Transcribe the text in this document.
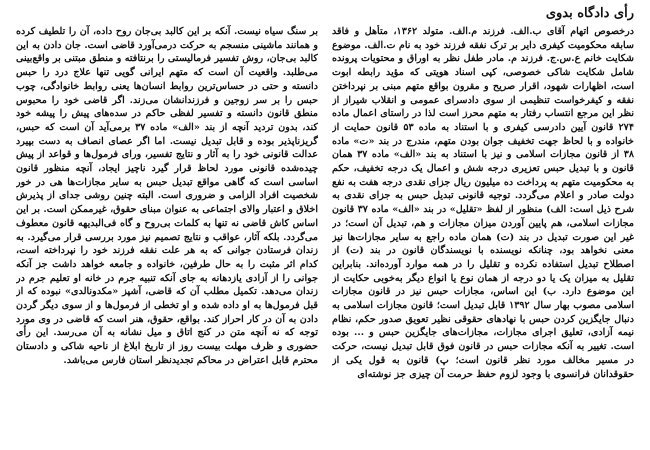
رأی دادگاه بدوی

درخصوص اتهام آقای ب.الف. فرزند م.الف. متولد ۱۳۶۲، متأهل و فاقد سابقه محکومیت کیفری دایر بر ترک نفقه فرزند خود به نام ت.الف. موضوع شکایت خانم ع.س.ج. فرزند م. مادر طفل نظر به اوراق و محتویات پرونده شامل شکایت شاکی خصوصی، کپی اسناد هویتی که مؤید رابطه ابوت است، اظهارات شهود، اقرار صریح و مقرون بواقع متهم مبنی بر نپرداختن نفقه و کیفرخواست تنظیمی از سوی دادسرای عمومی و انقلاب شیراز از نظر این مرجع انتساب رفتار به متهم محرز است لذا در راستای اعمال ماده ۲۷۴ قانون آیین دادرسی کیفری و با استناد به ماده ۵۳ قانون حمایت از خانواده و با لحاظ جهت تخفیف جوان بودن متهم، مندرج در بند «ت» ماده ۳۸ از قانون مجازات اسلامی و نیز با استناد به بند «الف» ماده ۳۷ همان قانون و با تبدیل حبس تعزیری درجه شش و اعمال یک درجه تخفیف، حکم به محکومیت متهم به پرداخت ده میلیون ریال جزای نقدی درجه هفت به نفع دولت صادر و اعلام می‌گردد. توجیه قانونی تبدیل حبس به جزای نقدی به شرح ذیل است: الف) منظور از لفظ «تقلیل» در بند «الف» ماده ۳۷ قانون مجازات اسلامی، هم پایین آوردن میزان مجازات و هم، تبدیل آن است؛ در غیر این صورت تبدیل در بند (ت) همان ماده راجع به سایر مجازات‌ها نیز معنی نخواهد بود، چنانکه نویسنده با نویسندگان قانون در بند (ت) از اصطلاح تبدیل استفاده نکرده و تقلیل را در همه موارد آورده‌اند. بنابراین تقلیل به میزان یک یا دو درجه از همان نوع یا انواع دیگر به‌خوبی حکایت از این موضوع دارد. ب) این اساس، مجازات حبس نیز در قانون مجازات اسلامی مصوب بهار سال ۱۳۹۲ قابل تبدیل است؛ قانون مجازات اسلامی به دنبال جایگزین کردن حبس با نهادهای حقوقی نظیر تعویق صدور حکم، نظام نیمه آزادی، تعلیق اجرای مجازات، مجازات‌های جایگزین حبس و ... بوده است. تغییر به آنکه مجازات حبس در قانون فوق قابل تبدیل نیست، حرکت در مسیر مخالف مورد نظر قانون است؛ پ) قانون به قول یکی از حقوقدانان فرانسوی با وجود لزوم حفظ حرمت آن چیزی جز نوشته‌ای

بر سنگ سیاه نیست. آنکه بر این کالبد بی‌جان روح داده، آن را تلطیف کرده و همانند ماشینی منسجم به حرکت درمی‌آورد قاضی است. جان دادن به این کالبد بی‌جان، روش تفسیر فرمالیستی را برنتافته و منطق مبتنی بر واقع‌بینی می‌طلبد. واقعیت آن است که متهم ایرانی گویی تنها علاج درد را حبس دانسته و حتی در حساس‌ترین روابط انسان‌ها یعنی روابط خانوادگی، چوب حبس را بر سر زوجین و فرزندانشان می‌زند. اگر قاضی خود را محبوس منطق قانون دانسته و تفسیر لفظی حاکم در سده‌های پیش را پیشه خود کند، بدون تردید آنچه از بند «الف» ماده ۳۷ برمی‌آید آن است که حبس، گریزناپذیر بوده و قابل تبدیل نیست. اما اگر عصای انصاف به دست بپیرد عدالت قانونی خود را به آثار و نتایج تفسیر، ورای فرمول‌ها و قواعد از پیش چیده‌شده قانونی مورد لحاظ قرار گیرد ناچیز ایجاد، آنچه منظور قانون اساسی است که گاهی مواقع تبدیل حبس به سایر مجازات‌ها هی در خور شخصیت افراد الزامی و ضروری است. البته چنین روشی جدای از پذیرش اخلاق و اعتبار والای اجتماعی به عنوان مبنای حقوق، غیرممکن است. بر این اساس کاش قاضی نه تنها به کلمات بی‌روح و گاه فی‌البدیهه قانون معطوف می‌گردد. بلکه آثار، عواقب و نتایج تصمیم نیز مورد بررسی قرار می‌گیرد. به زندان فرستادن جوانی که به هر علت نفقه فرزند خود را نپرداخته است، کدام اثر مثبت را به حال طرفین، خانواده و جامعه خواهد داشت جز آنکه جوانی را از آزادی یازدهانه به جای آنکه تنبیه جرم در خانه او تعلیم جرم در زندان می‌دهد. تکمیل مطلب آن که قاضی، آشپز «مکدونالدی» نبوده که از قبل فرمول‌ها به او داده شده و او تخطی از فرمول‌ها و از سوی دیگر گردن دادن به آن در کار احراز کند. بواقع، حقوق، هنر است که قاضی در وی مورد توجه که نه آنچه متن در کنج اتاق و میل نشانه به آن می‌رسد. این رأی حضوری و ظرف مهلت بیست روز از تاریخ ابلاغ از ناحیه شاکی و دادستان محترم قابل اعتراض در محاکم تجدیدنظر استان فارس می‌باشد.
